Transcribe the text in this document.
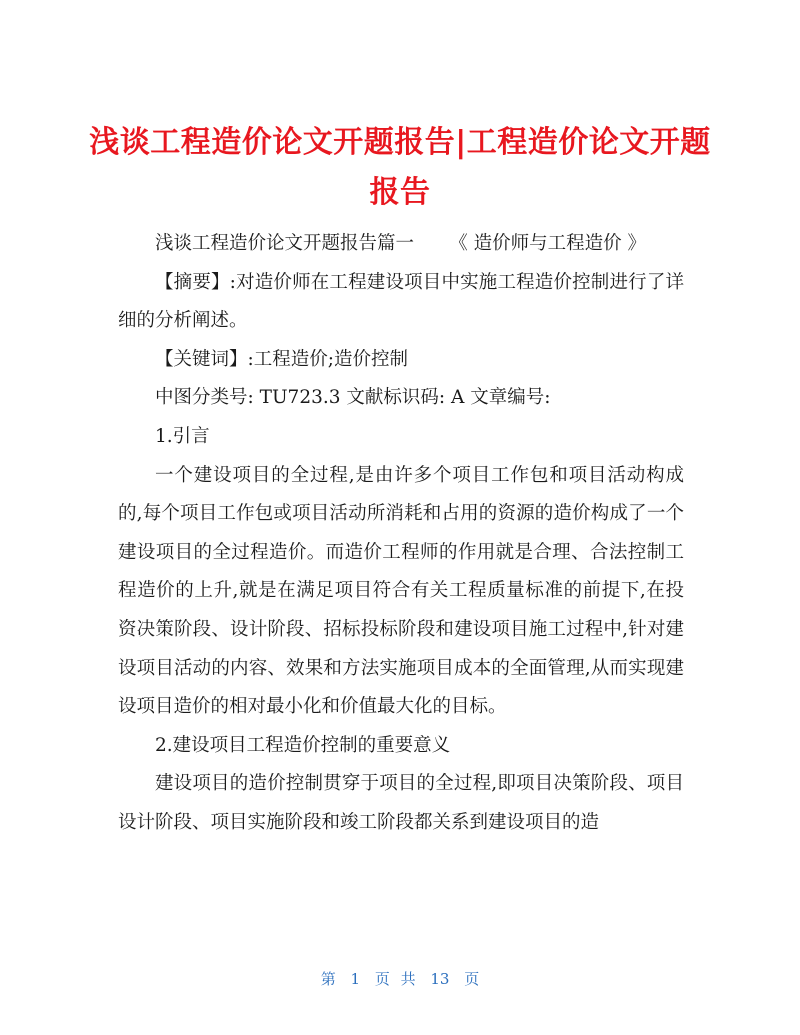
浅谈工程造价论文开题报告|工程造价论文开题报告

浅谈工程造价论文开题报告篇一      《 造价师与工程造价 》

【摘要】:对造价师在工程建设项目中实施工程造价控制进行了详细的分析阐述。

【关键词】:工程造价;造价控制

中图分类号: TU723.3 文献标识码: A 文章编号:

1.引言

一个建设项目的全过程,是由许多个项目工作包和项目活动构成的,每个项目工作包或项目活动所消耗和占用的资源的造价构成了一个建设项目的全过程造价。而造价工程师的作用就是合理、合法控制工程造价的上升,就是在满足项目符合有关工程质量标准的前提下,在投资决策阶段、设计阶段、招标投标阶段和建设项目施工过程中,针对建设项目活动的内容、效果和方法实施项目成本的全面管理,从而实现建设项目造价的相对最小化和价值最大化的目标。

2.建设项目工程造价控制的重要意义

建设项目的造价控制贯穿于项目的全过程,即项目决策阶段、项目设计阶段、项目实施阶段和竣工阶段都关系到建设项目的造

第 1 页 共 13 页
